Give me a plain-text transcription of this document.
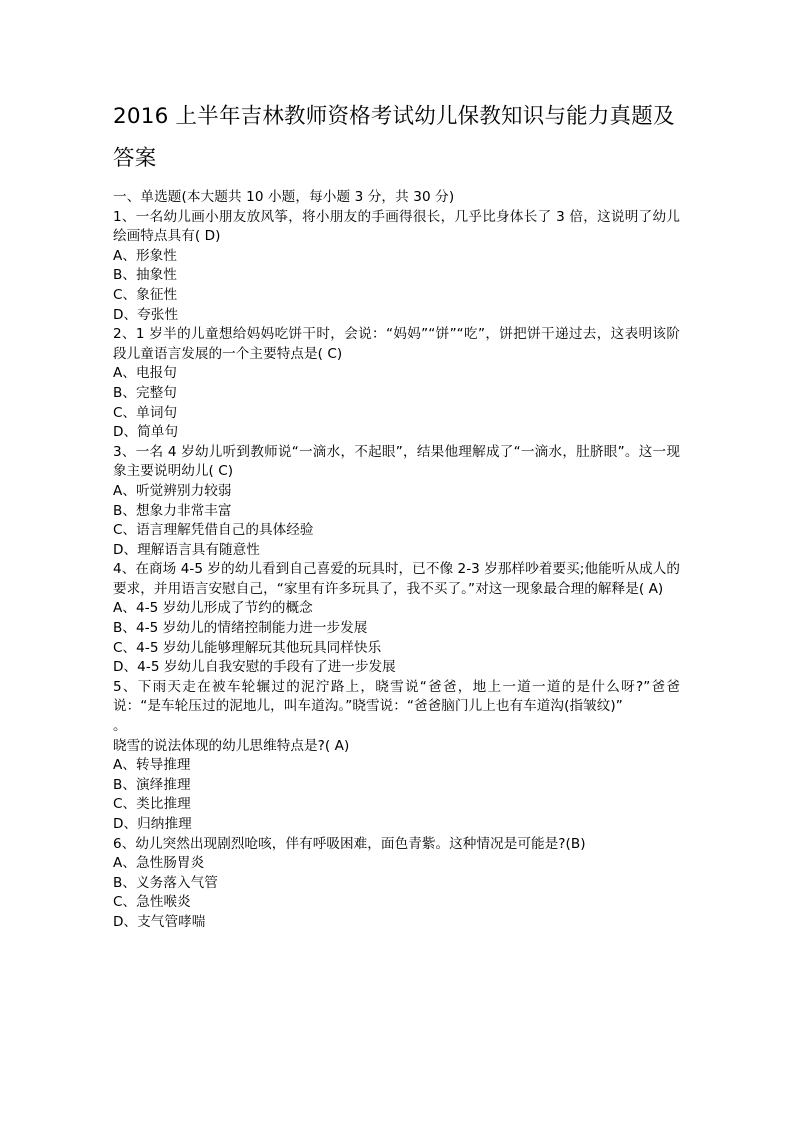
2016 上半年吉林教师资格考试幼儿保教知识与能力真题及答案

一、单选题(本大题共 10 小题，每小题 3 分，共 30 分)

1、一名幼儿画小朋友放风筝，将小朋友的手画得很长，几乎比身体长了 3 倍，这说明了幼儿绘画特点具有( D)

A、形象性

B、抽象性

C、象征性

D、夸张性

2、1 岁半的儿童想给妈妈吃饼干时，会说：“妈妈”“饼”“吃”，饼把饼干递过去，这表明该阶段儿童语言发展的一个主要特点是( C)

A、电报句

B、完整句

C、单词句

D、简单句

3、一名 4 岁幼儿听到教师说“一滴水，不起眼”，结果他理解成了“一滴水，肚脐眼”。这一现象主要说明幼儿( C)

A、听觉辨别力较弱

B、想象力非常丰富

C、语言理解凭借自己的具体经验

D、理解语言具有随意性

4、在商场 4-5 岁的幼儿看到自己喜爱的玩具时，已不像 2-3 岁那样吵着要买;他能听从成人的要求，并用语言安慰自己，“家里有许多玩具了，我不买了。”对这一现象最合理的解释是( A)

A、4-5 岁幼儿形成了节约的概念

B、4-5 岁幼儿的情绪控制能力进一步发展

C、4-5 岁幼儿能够理解玩其他玩具同样快乐

D、4-5 岁幼儿自我安慰的手段有了进一步发展

5、下雨天走在被车轮辗过的泥泞路上，晓雪说“爸爸，地上一道一道的是什么呀?”爸爸说：“是车轮压过的泥地儿，叫车道沟。”晓雪说：“爸爸脑门儿上也有车道沟(指皱纹)”

。

晓雪的说法体现的幼儿思维特点是?( A)

A、转导推理

B、演绎推理

C、类比推理

D、归纳推理

6、幼儿突然出现剧烈呛咳，伴有呼吸困难，面色青紫。这种情况是可能是?(B)

A、急性肠胃炎

B、义务落入气管

C、急性喉炎

D、支气管哮喘
